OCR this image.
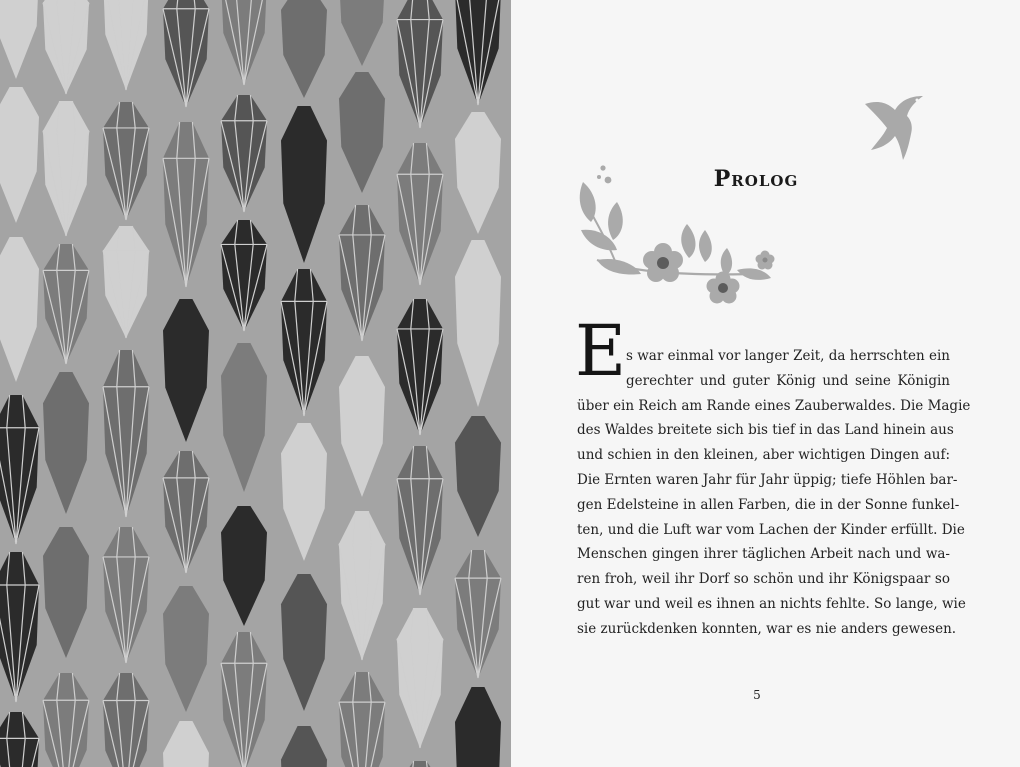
Prolog
E s war einmal vor langer Zeit, da herrschten ein
gerechter und guter König und seine Königin
über ein Reich am Rande eines Zauberwaldes. Die Magie
des Waldes breitete sich bis tief in das Land hinein aus
und schien in den kleinen, aber wichtigen Dingen auf:
Die Ernten waren Jahr für Jahr üppig; tiefe Höhlen bar-
gen Edelsteine in allen Farben, die in der Sonne funkel-
ten, und die Luft war vom Lachen der Kinder erfüllt. Die
Menschen gingen ihrer täglichen Arbeit nach und wa-
ren froh, weil ihr Dorf so schön und ihr Königspaar so
gut war und weil es ihnen an nichts fehlte. So lange, wie
sie zurückdenken konnten, war es nie anders gewesen.
5
